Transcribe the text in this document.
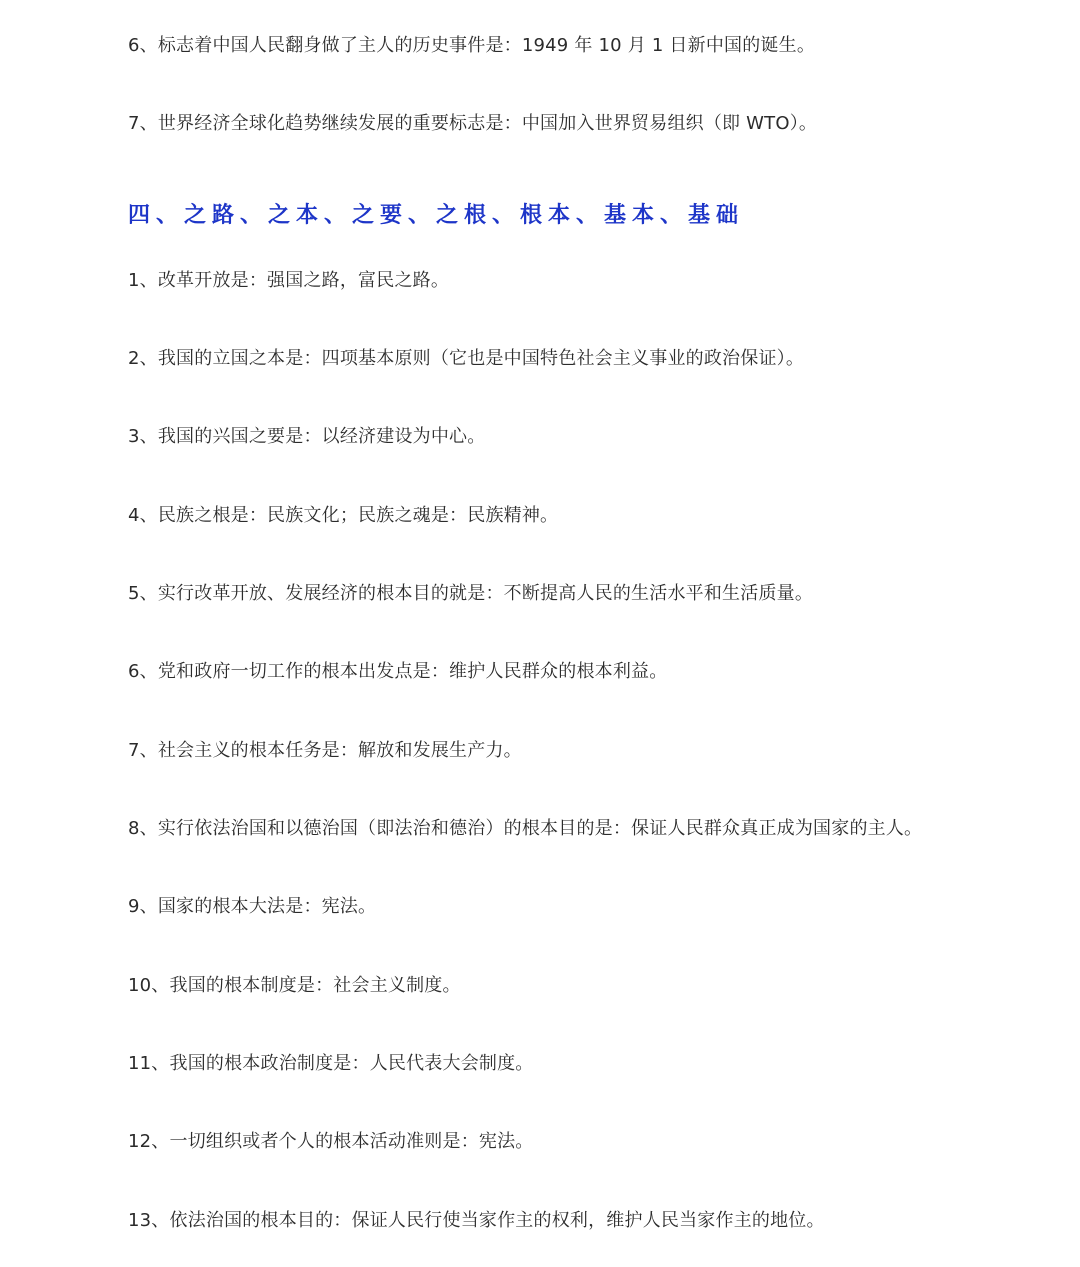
6、标志着中国人民翻身做了主人的历史事件是：1949 年 10 月 1 日新中国的诞生。
7、世界经济全球化趋势继续发展的重要标志是：中国加入世界贸易组织（即 WTO）。
四、之路、之本、之要、之根、根本、基本、基础
1、改革开放是：强国之路，富民之路。
2、我国的立国之本是：四项基本原则（它也是中国特色社会主义事业的政治保证）。
3、我国的兴国之要是：以经济建设为中心。
4、民族之根是：民族文化；民族之魂是：民族精神。
5、实行改革开放、发展经济的根本目的就是：不断提高人民的生活水平和生活质量。
6、党和政府一切工作的根本出发点是：维护人民群众的根本利益。
7、社会主义的根本任务是：解放和发展生产力。
8、实行依法治国和以德治国（即法治和德治）的根本目的是：保证人民群众真正成为国家的主人。
9、国家的根本大法是：宪法。
10、我国的根本制度是：社会主义制度。
11、我国的根本政治制度是：人民代表大会制度。
12、一切组织或者个人的根本活动准则是：宪法。
13、依法治国的根本目的：保证人民行使当家作主的权利，维护人民当家作主的地位。
